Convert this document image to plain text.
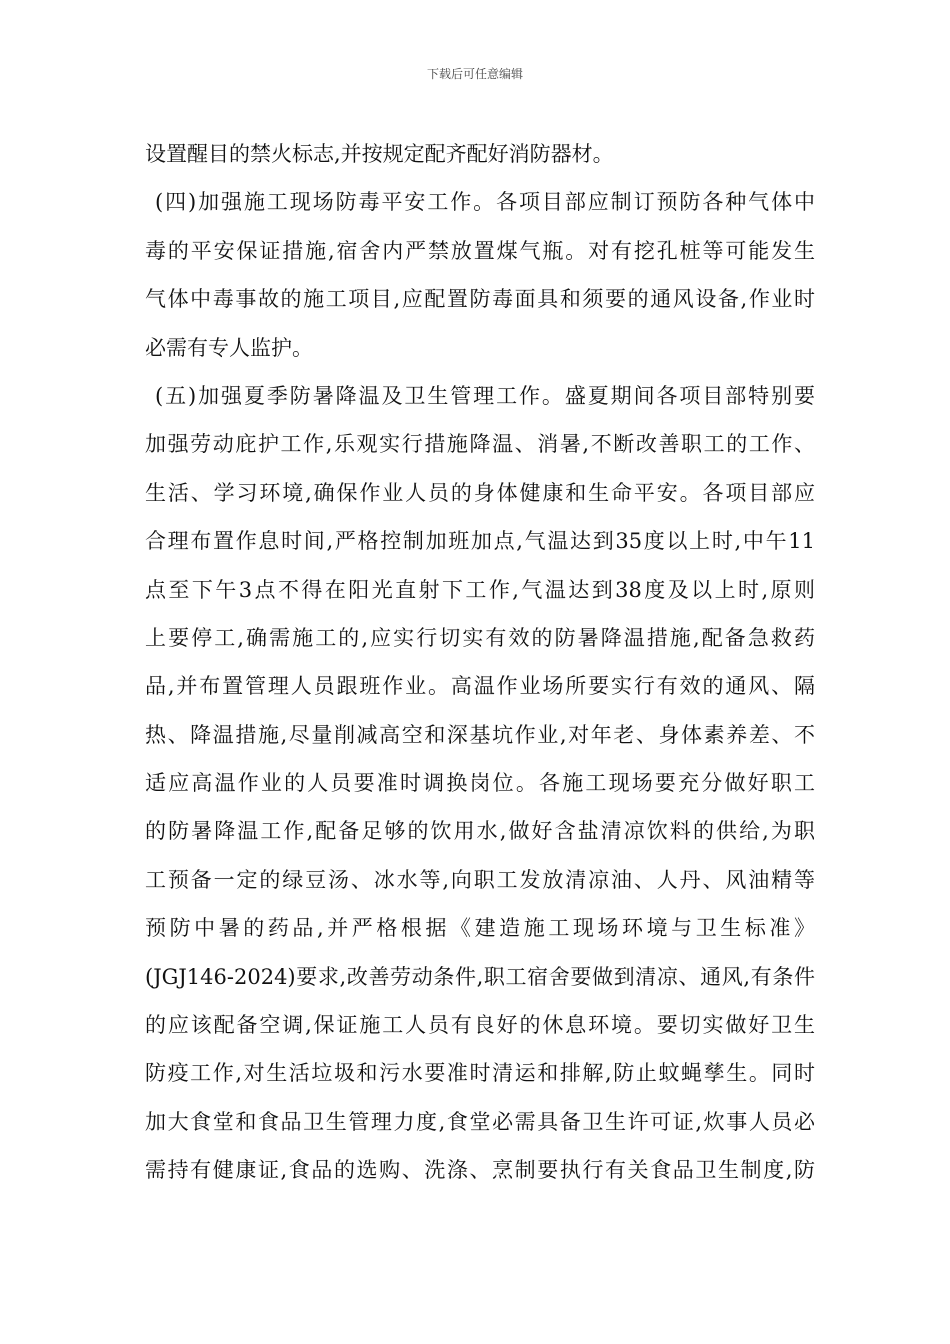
下载后可任意编辑
设置醒目的禁火标志,并按规定配齐配好消防器材。
(四)加强施工现场防毒平安工作。各项目部应制订预防各种气体中
毒的平安保证措施,宿舍内严禁放置煤气瓶。对有挖孔桩等可能发生
气体中毒事故的施工项目,应配置防毒面具和须要的通风设备,作业时
必需有专人监护。
(五)加强夏季防暑降温及卫生管理工作。盛夏期间各项目部特别要
加强劳动庇护工作,乐观实行措施降温、消暑,不断改善职工的工作、
生活、学习环境,确保作业人员的身体健康和生命平安。各项目部应
合理布置作息时间,严格控制加班加点,气温达到35度以上时,中午11
点至下午3点不得在阳光直射下工作,气温达到38度及以上时,原则
上要停工,确需施工的,应实行切实有效的防暑降温措施,配备急救药
品,并布置管理人员跟班作业。高温作业场所要实行有效的通风、隔
热、降温措施,尽量削减高空和深基坑作业,对年老、身体素养差、不
适应高温作业的人员要准时调换岗位。各施工现场要充分做好职工
的防暑降温工作,配备足够的饮用水,做好含盐清凉饮料的供给,为职
工预备一定的绿豆汤、冰水等,向职工发放清凉油、人丹、风油精等
预防中暑的药品,并严格根据《建造施工现场环境与卫生标准》
(JGJ146-2024)要求,改善劳动条件,职工宿舍要做到清凉、通风,有条件
的应该配备空调,保证施工人员有良好的休息环境。要切实做好卫生
防疫工作,对生活垃圾和污水要准时清运和排解,防止蚊蝇孳生。同时
加大食堂和食品卫生管理力度,食堂必需具备卫生许可证,炊事人员必
需持有健康证,食品的选购、洗涤、烹制要执行有关食品卫生制度,防
